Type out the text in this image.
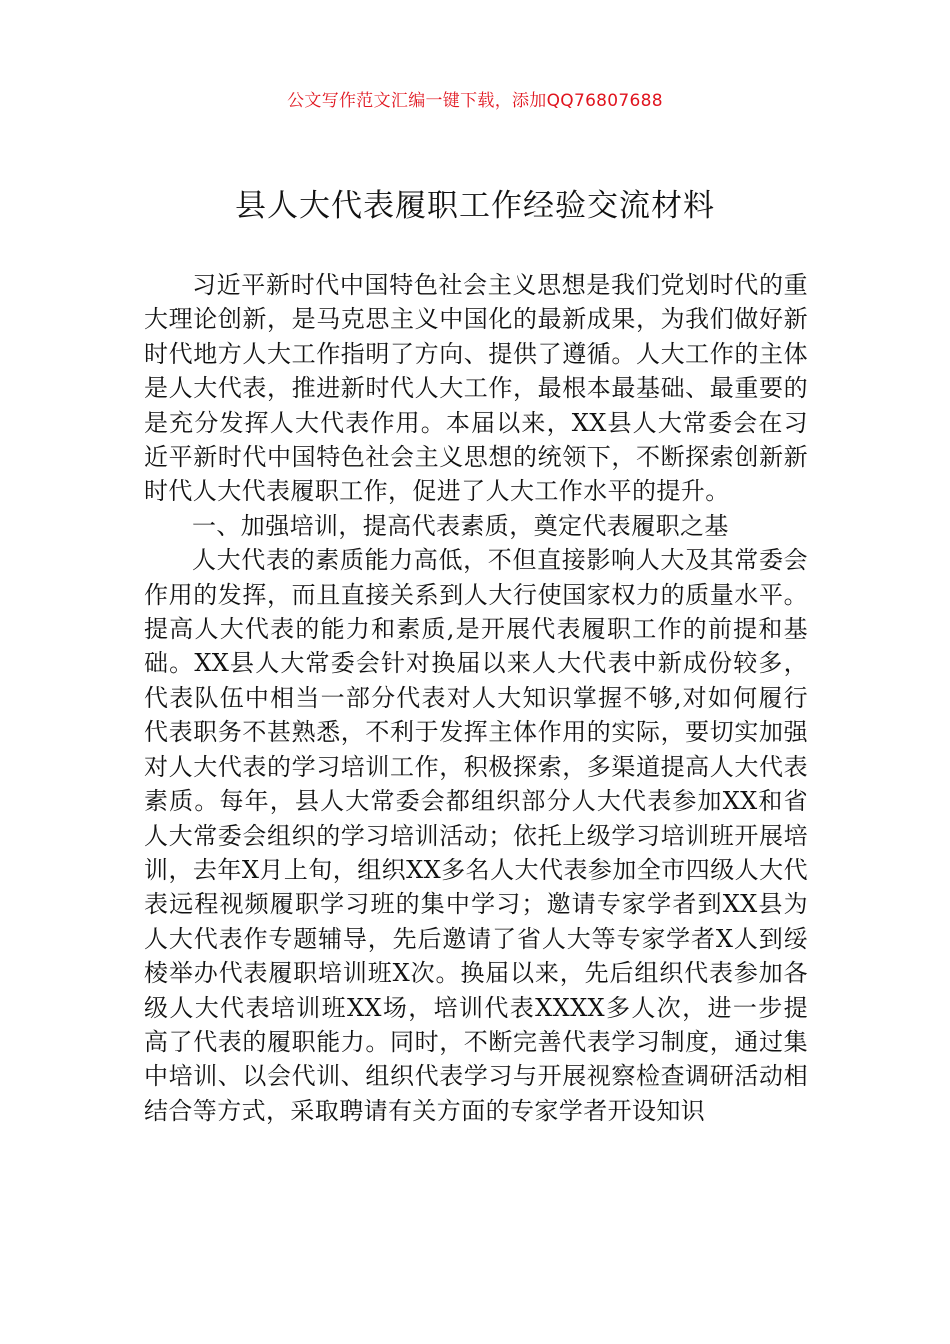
公文写作范文汇编一键下载，添加QQ76807688
县人大代表履职工作经验交流材料

习近平新时代中国特色社会主义思想是我们党划时代的重大理论创新，是马克思主义中国化的最新成果，为我们做好新时代地方人大工作指明了方向、提供了遵循。人大工作的主体是人大代表，推进新时代人大工作，最根本最基础、最重要的是充分发挥人大代表作用。本届以来，XX县人大常委会在习近平新时代中国特色社会主义思想的统领下，不断探索创新新时代人大代表履职工作，促进了人大工作水平的提升。

一、加强培训，提高代表素质，奠定代表履职之基

人大代表的素质能力高低，不但直接影响人大及其常委会作用的发挥，而且直接关系到人大行使国家权力的质量水平。提高人大代表的能力和素质,是开展代表履职工作的前提和基础。XX县人大常委会针对换届以来人大代表中新成份较多，代表队伍中相当一部分代表对人大知识掌握不够,对如何履行代表职务不甚熟悉，不利于发挥主体作用的实际，要切实加强对人大代表的学习培训工作，积极探索，多渠道提高人大代表素质。每年，县人大常委会都组织部分人大代表参加XX和省人大常委会组织的学习培训活动；依托上级学习培训班开展培训，去年X月上旬，组织XX多名人大代表参加全市四级人大代表远程视频履职学习班的集中学习；邀请专家学者到XX县为人大代表作专题辅导，先后邀请了省人大等专家学者X人到绥棱举办代表履职培训班X次。换届以来，先后组织代表参加各级人大代表培训班XX场，培训代表XXXX多人次，进一步提高了代表的履职能力。同时，不断完善代表学习制度，通过集中培训、以会代训、组织代表学习与开展视察检查调研活动相结合等方式，采取聘请有关方面的专家学者开设知识
